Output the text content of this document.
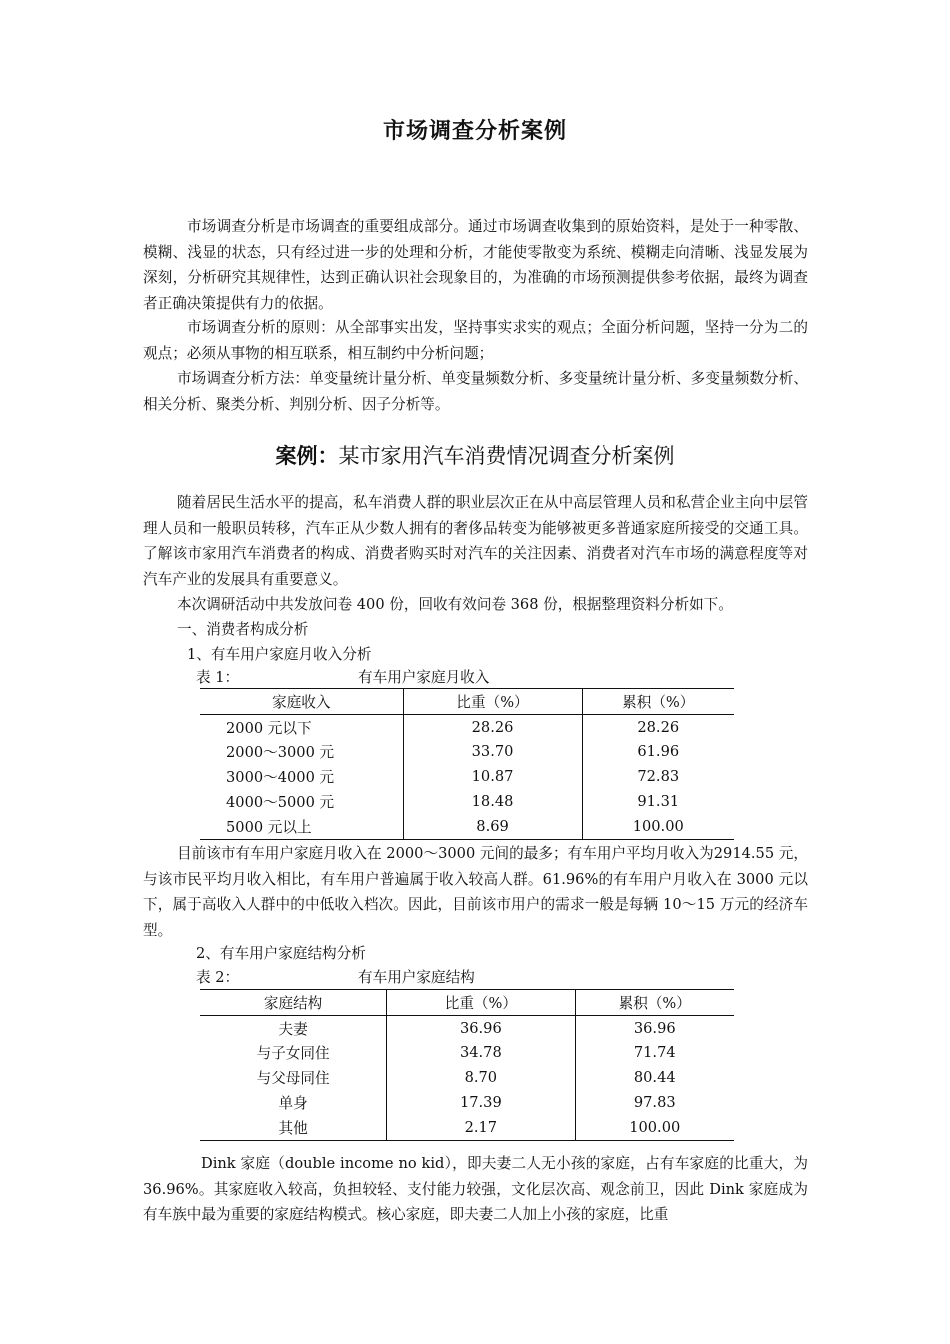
市场调查分析案例

市场调查分析是市场调查的重要组成部分。通过市场调查收集到的原始资料，是处于一种零散、模糊、浅显的状态，只有经过进一步的处理和分析，才能使零散变为系统、模糊走向清晰、浅显发展为深刻，分析研究其规律性，达到正确认识社会现象目的，为准确的市场预测提供参考依据，最终为调查者正确决策提供有力的依据。

市场调查分析的原则：从全部事实出发，坚持事实求实的观点；全面分析问题，坚持一分为二的观点；必须从事物的相互联系，相互制约中分析问题；

市场调查分析方法：单变量统计量分析、单变量频数分析、多变量统计量分析、多变量频数分析、相关分析、聚类分析、判别分析、因子分析等。

案例：某市家用汽车消费情况调查分析案例

随着居民生活水平的提高，私车消费人群的职业层次正在从中高层管理人员和私营企业主向中层管理人员和一般职员转移，汽车正从少数人拥有的奢侈品转变为能够被更多普通家庭所接受的交通工具。了解该市家用汽车消费者的构成、消费者购买时对汽车的关注因素、消费者对汽车市场的满意程度等对汽车产业的发展具有重要意义。

本次调研活动中共发放问卷 400 份，回收有效问卷 368 份，根据整理资料分析如下。
一、消费者构成分析
1、有车用户家庭月收入分析
表 1：	有车用户家庭月收入
家庭收入	比重（%）	累积（%）
2000 元以下	28.26	28.26
2000～3000 元	33.70	61.96
3000～4000 元	10.87	72.83
4000～5000 元	18.48	91.31
5000 元以上	8.69	100.00

目前该市有车用户家庭月收入在 2000～3000 元间的最多；有车用户平均月收入为2914.55 元，与该市民平均月收入相比，有车用户普遍属于收入较高人群。61.96%的有车用户月收入在 3000 元以下，属于高收入人群中的中低收入档次。因此，目前该市用户的需求一般是每辆 10～15 万元的经济车型。

2、有车用户家庭结构分析
表 2：	有车用户家庭结构
家庭结构	比重（%）	累积（%）
夫妻	36.96	36.96
与子女同住	34.78	71.74
与父母同住	8.70	80.44
单身	17.39	97.83
其他	2.17	100.00

Dink 家庭（double income no kid），即夫妻二人无小孩的家庭，占有车家庭的比重大，为 36.96%。其家庭收入较高，负担较轻、支付能力较强，文化层次高、观念前卫，因此 Dink 家庭成为有车族中最为重要的家庭结构模式。核心家庭，即夫妻二人加上小孩的家庭，比重
